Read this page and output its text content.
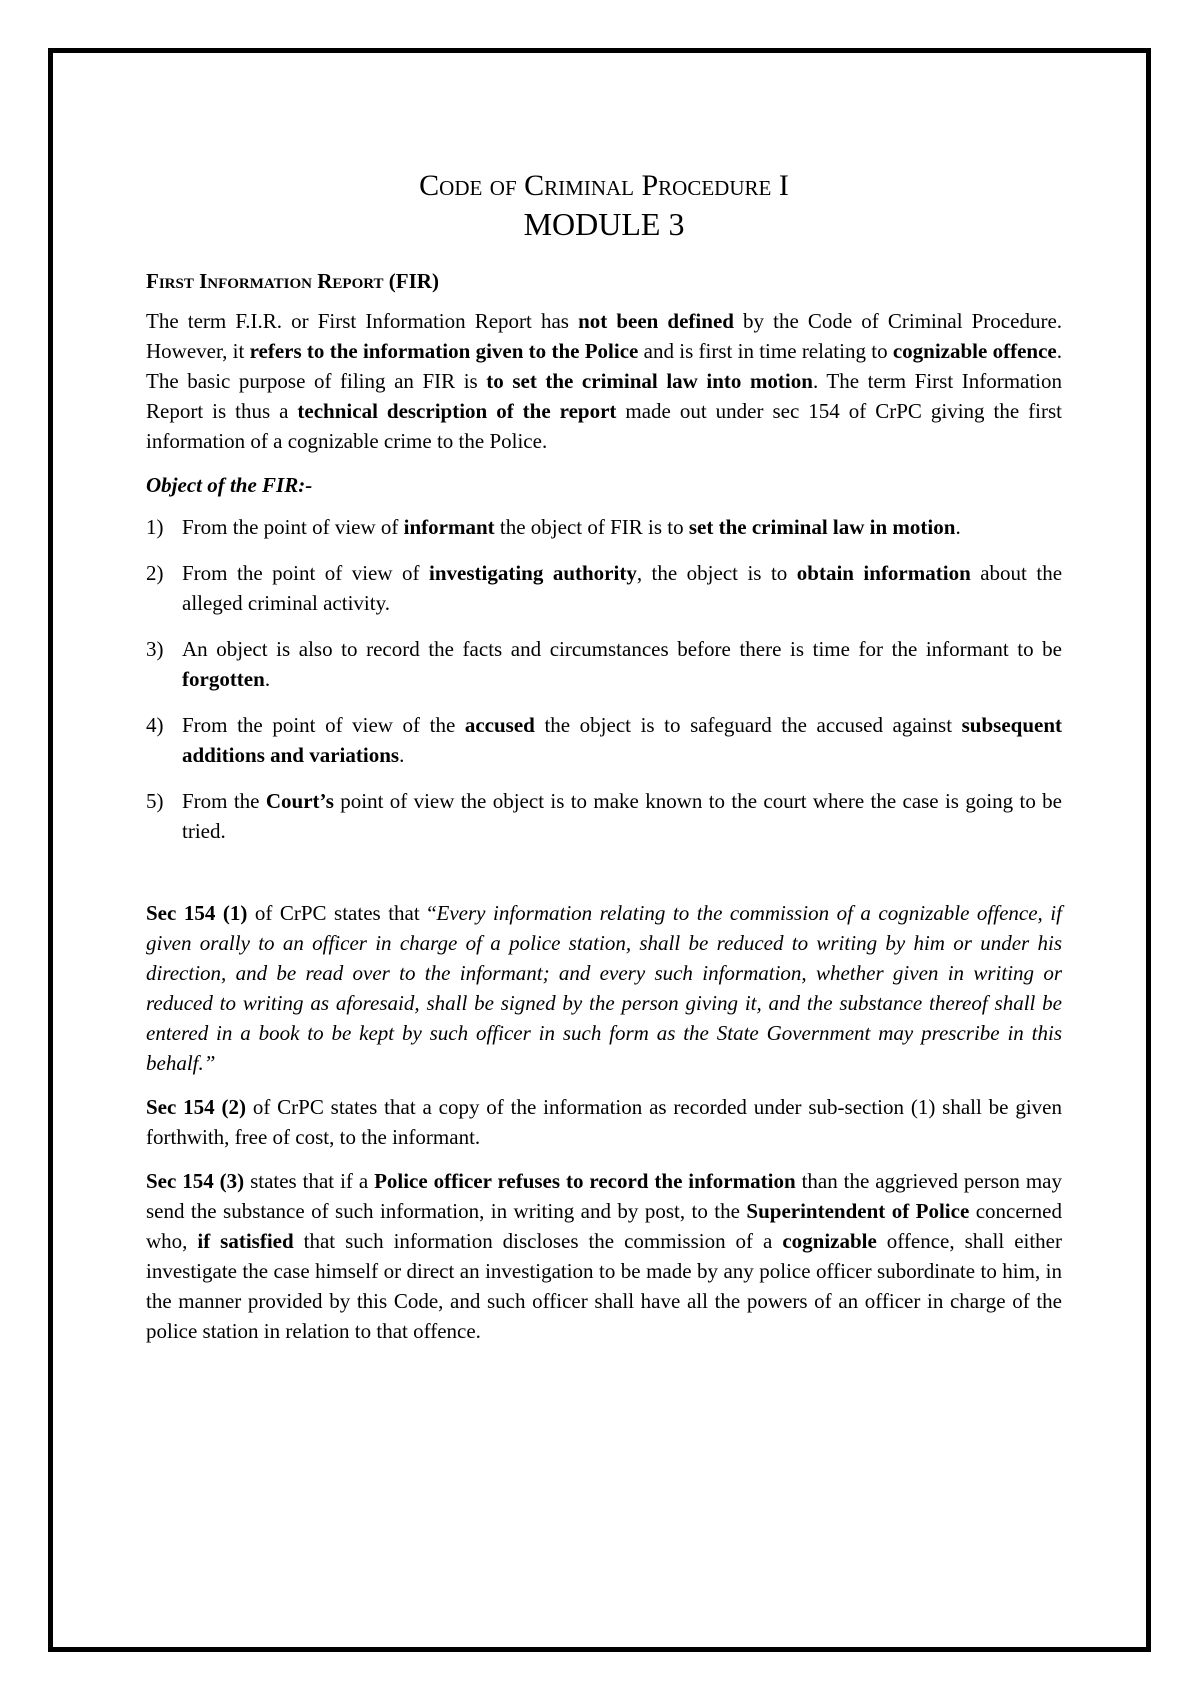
Code of Criminal Procedure I
MODULE 3
First Information Report (FIR)

The term F.I.R. or First Information Report has not been defined by the Code of Criminal Procedure. However, it refers to the information given to the Police and is first in time relating to cognizable offence. The basic purpose of filing an FIR is to set the criminal law into motion. The term First Information Report is thus a technical description of the report made out under sec 154 of CrPC giving the first information of a cognizable crime to the Police.

Object of the FIR:-
1) From the point of view of informant the object of FIR is to set the criminal law in motion.
2) From the point of view of investigating authority, the object is to obtain information about the alleged criminal activity.
3) An object is also to record the facts and circumstances before there is time for the informant to be forgotten.
4) From the point of view of the accused the object is to safeguard the accused against subsequent additions and variations.
5) From the Court’s point of view the object is to make known to the court where the case is going to be tried.

Sec 154 (1) of CrPC states that “Every information relating to the commission of a cognizable offence, if given orally to an officer in charge of a police station, shall be reduced to writing by him or under his direction, and be read over to the informant; and every such information, whether given in writing or reduced to writing as aforesaid, shall be signed by the person giving it, and the substance thereof shall be entered in a book to be kept by such officer in such form as the State Government may prescribe in this behalf.”

Sec 154 (2) of CrPC states that a copy of the information as recorded under sub-section (1) shall be given forthwith, free of cost, to the informant.

Sec 154 (3) states that if a Police officer refuses to record the information than the aggrieved person may send the substance of such information, in writing and by post, to the Superintendent of Police concerned who, if satisfied that such information discloses the commission of a cognizable offence, shall either investigate the case himself or direct an investigation to be made by any police officer subordinate to him, in the manner provided by this Code, and such officer shall have all the powers of an officer in charge of the police station in relation to that offence.
